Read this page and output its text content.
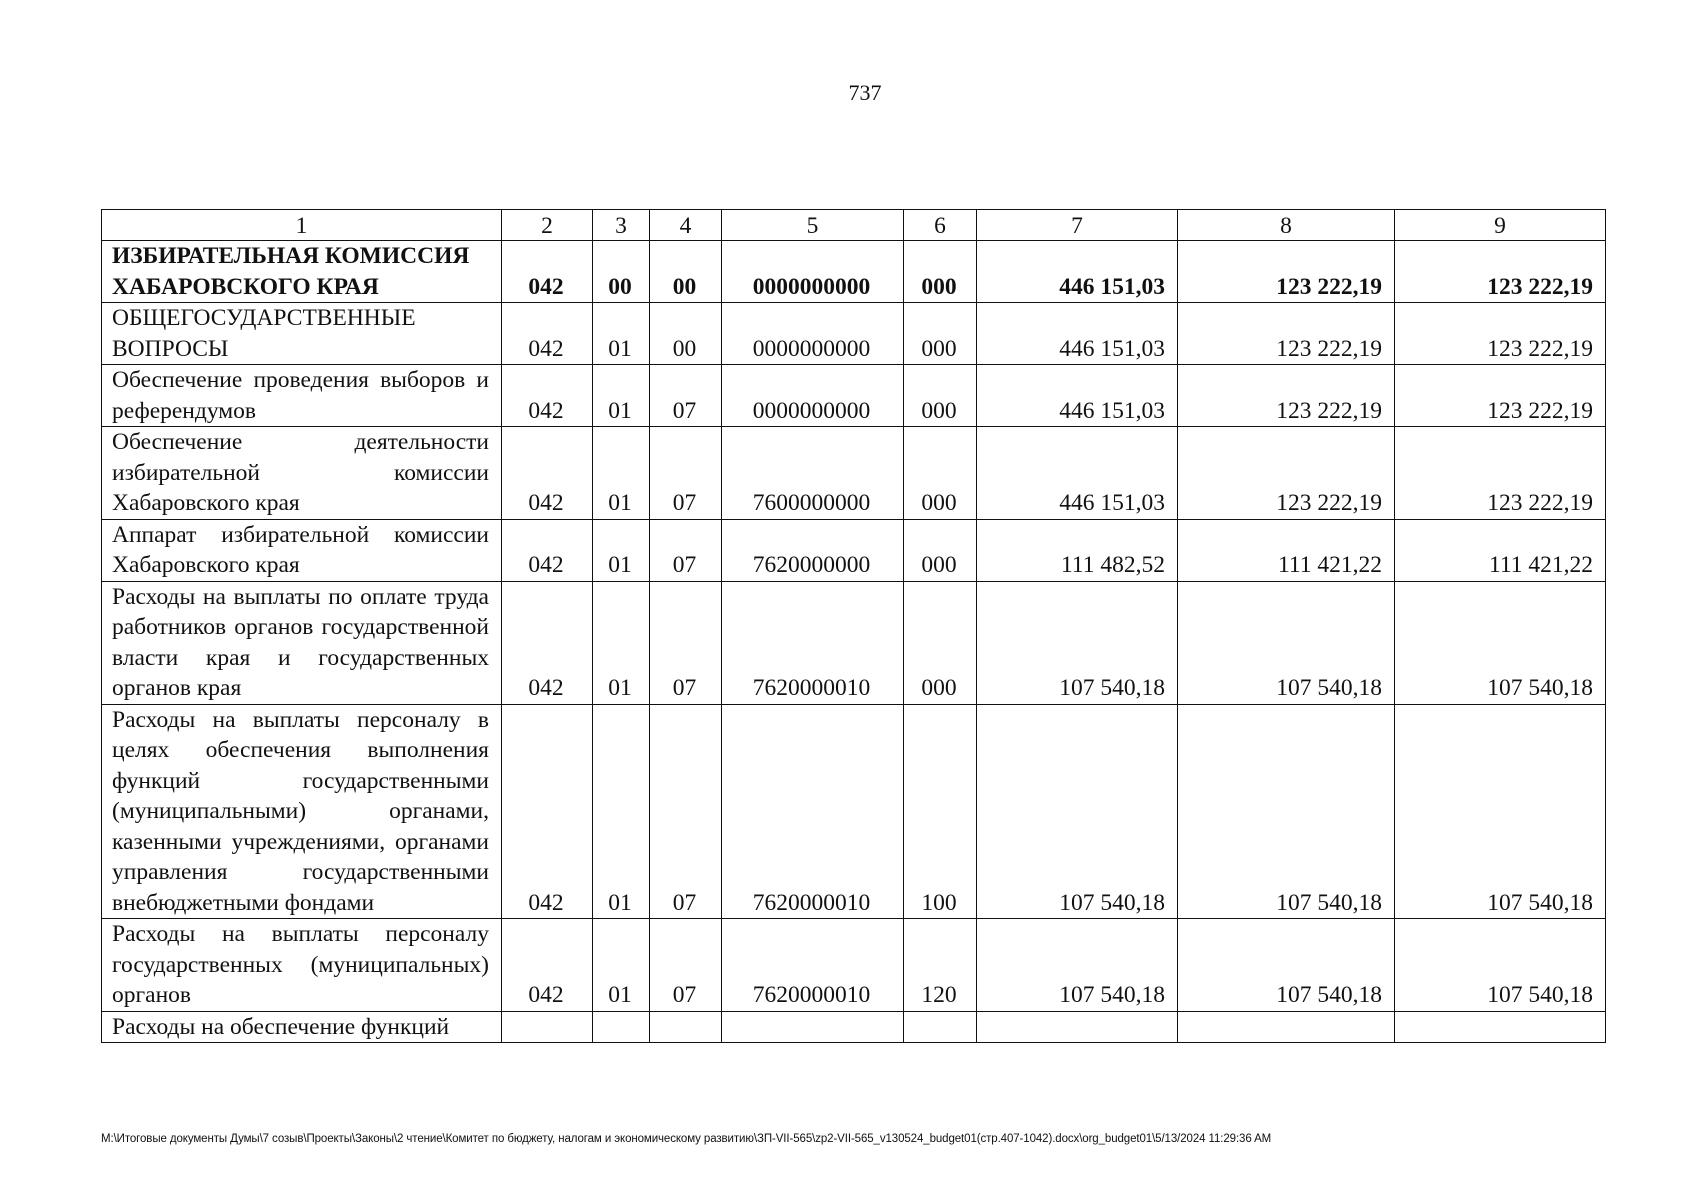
737
1	2	3	4	5	6	7	8	9
ИЗБИРАТЕЛЬНАЯ КОМИССИЯ ХАБАРОВСКОГО КРАЯ	042	00	00	0000000000	000	446 151,03	123 222,19	123 222,19
ОБЩЕГОСУДАРСТВЕННЫЕ ВОПРОСЫ	042	01	00	0000000000	000	446 151,03	123 222,19	123 222,19
Обеспечение проведения выборов и референдумов	042	01	07	0000000000	000	446 151,03	123 222,19	123 222,19
Обеспечение деятельности избирательной комиссии Хабаровского края	042	01	07	7600000000	000	446 151,03	123 222,19	123 222,19
Аппарат избирательной комиссии Хабаровского края	042	01	07	7620000000	000	111 482,52	111 421,22	111 421,22
Расходы на выплаты по оплате труда работников органов государственной власти края и государственных органов края	042	01	07	7620000010	000	107 540,18	107 540,18	107 540,18
Расходы на выплаты персоналу в целях обеспечения выполнения функций государственными (муниципальными) органами, казенными учреждениями, органами управления государственными внебюджетными фондами	042	01	07	7620000010	100	107 540,18	107 540,18	107 540,18
Расходы на выплаты персоналу государственных (муниципальных) органов	042	01	07	7620000010	120	107 540,18	107 540,18	107 540,18
Расходы на обеспечение функций								
M:\Итоговые документы Думы\7 созыв\Проекты\Законы\2 чтение\Комитет по бюджету, налогам и экономическому развитию\ЗП-VII-565\zp2-VII-565_v130524_budget01(стр.407-1042).docx\org_budget01\5/13/2024 11:29:36 AM
